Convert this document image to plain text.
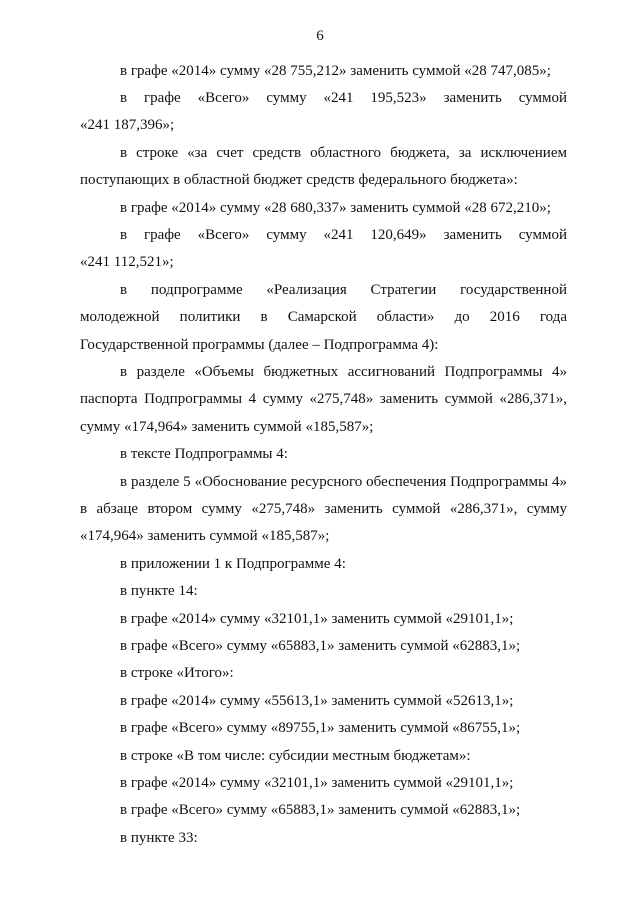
6
в графе «2014» сумму «28 755,212» заменить суммой «28 747,085»;
в графе «Всего» сумму «241 195,523» заменить суммой
«241 187,396»;
в строке «за счет средств областного бюджета, за исключением
поступающих в областной бюджет средств федерального бюджета»:
в графе «2014» сумму «28 680,337» заменить суммой «28 672,210»;
в графе «Всего» сумму «241 120,649» заменить суммой
«241 112,521»;
в подпрограмме «Реализация Стратегии государственной
молодежной политики в Самарской области» до 2016 года
Государственной программы (далее – Подпрограмма 4):
в разделе «Объемы бюджетных ассигнований Подпрограммы 4»
паспорта Подпрограммы 4 сумму «275,748» заменить суммой «286,371»,
сумму «174,964» заменить суммой «185,587»;
в тексте Подпрограммы 4:
в разделе 5 «Обоснование ресурсного обеспечения Подпрограммы 4»
в абзаце втором сумму «275,748» заменить суммой «286,371», сумму
«174,964» заменить суммой «185,587»;
в приложении 1 к Подпрограмме 4:
в пункте 14:
в графе «2014» сумму «32101,1» заменить суммой «29101,1»;
в графе «Всего» сумму «65883,1» заменить суммой «62883,1»;
в строке «Итого»:
в графе «2014» сумму «55613,1» заменить суммой «52613,1»;
в графе «Всего» сумму «89755,1» заменить суммой «86755,1»;
в строке «В том числе: субсидии местным бюджетам»:
в графе «2014» сумму «32101,1» заменить суммой «29101,1»;
в графе «Всего» сумму «65883,1» заменить суммой «62883,1»;
в пункте 33:
